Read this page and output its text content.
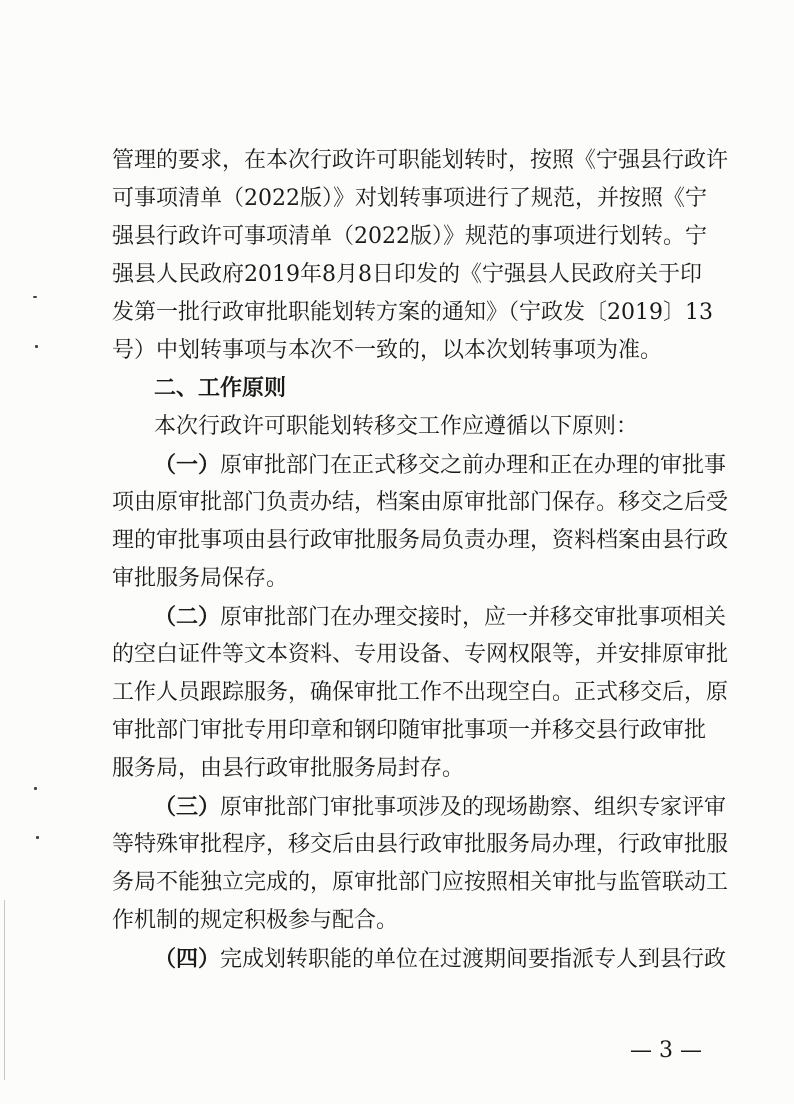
管理的要求，在本次行政许可职能划转时，按照《宁强县行政许
可事项清单（2022版）》对划转事项进行了规范，并按照《宁
强县行政许可事项清单（2022版）》规范的事项进行划转。宁
强县人民政府2019年8月8日印发的《宁强县人民政府关于印
发第一批行政审批职能划转方案的通知》（宁政发〔2019〕13
号）中划转事项与本次不一致的，以本次划转事项为准。
二、工作原则
本次行政许可职能划转移交工作应遵循以下原则：
（一）原审批部门在正式移交之前办理和正在办理的审批事
项由原审批部门负责办结，档案由原审批部门保存。移交之后受
理的审批事项由县行政审批服务局负责办理，资料档案由县行政
审批服务局保存。
（二）原审批部门在办理交接时，应一并移交审批事项相关
的空白证件等文本资料、专用设备、专网权限等，并安排原审批
工作人员跟踪服务，确保审批工作不出现空白。正式移交后，原
审批部门审批专用印章和钢印随审批事项一并移交县行政审批
服务局，由县行政审批服务局封存。
（三）原审批部门审批事项涉及的现场勘察、组织专家评审
等特殊审批程序，移交后由县行政审批服务局办理，行政审批服
务局不能独立完成的，原审批部门应按照相关审批与监管联动工
作机制的规定积极参与配合。
（四）完成划转职能的单位在过渡期间要指派专人到县行政
— 3 —
